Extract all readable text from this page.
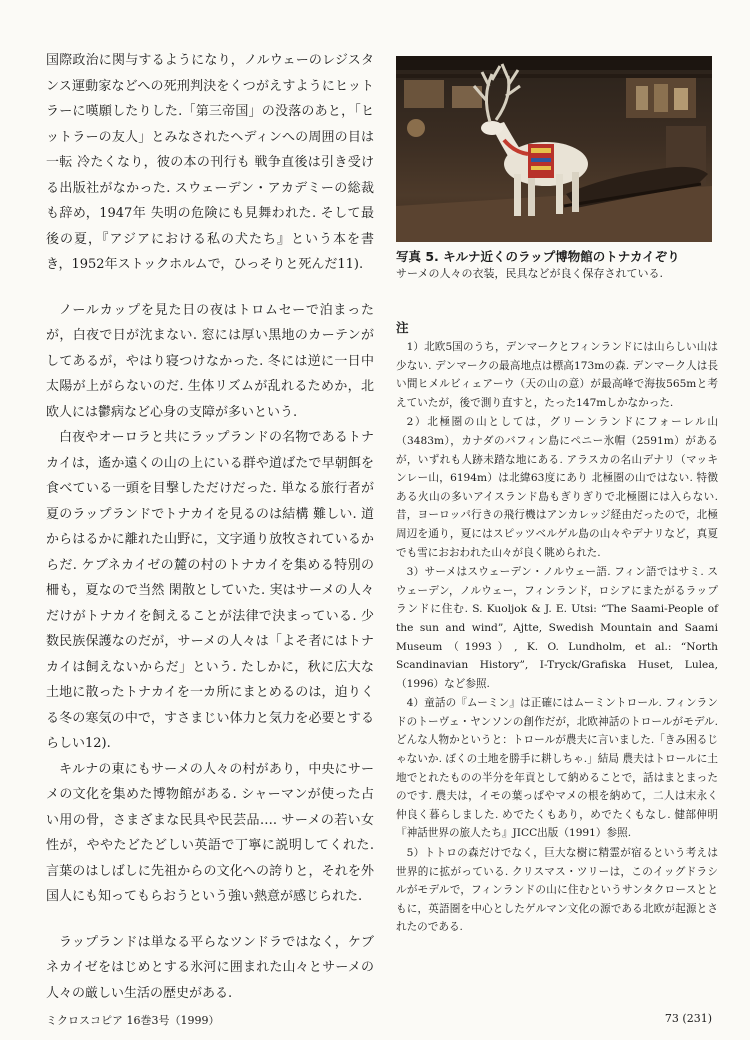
国際政治に関与するようになり，ノルウェーのレジスタンス運動家などへの死刑判決をくつがえすようにヒットラーに嘆願したりした.「第三帝国」の没落のあと，「ヒットラーの友人」とみなされたヘディンへの周囲の目は一転 冷たくなり，彼の本の刊行も 戦争直後は引き受ける出版社がなかった. スウェーデン・アカデミーの総裁も辞め，1947年 失明の危険にも見舞われた. そして最後の夏，『アジアにおける私の犬たち』という本を書き，1952年ストックホルムで，ひっそりと死んだ11).

ノールカップを見た日の夜はトロムセーで泊まったが，白夜で日が沈まない. 窓には厚い黒地のカーテンがしてあるが，やはり寝つけなかった. 冬には逆に一日中 太陽が上がらないのだ. 生体リズムが乱れるためか，北欧人には鬱病など心身の支障が多いという.

白夜やオーロラと共にラップランドの名物であるトナカイは，遙か遠くの山の上にいる群や道ばたで早朝餌を食べている一頭を目撃しただけだった. 単なる旅行者が夏のラップランドでトナカイを見るのは結構 難しい. 道からはるかに離れた山野に，文字通り放牧されているからだ. ケブネカイゼの麓の村のトナカイを集める特別の柵も，夏なので当然 閑散としていた. 実はサーメの人々だけがトナカイを飼えることが法律で決まっている. 少数民族保護なのだが，サーメの人々は「よそ者にはトナカイは飼えないからだ」という. たしかに，秋に広大な土地に散ったトナカイを一カ所にまとめるのは，迫りくる冬の寒気の中で，すさまじい体力と気力を必要とするらしい12).

キルナの東にもサーメの人々の村があり，中央にサーメの文化を集めた博物館がある. シャーマンが使った占い用の骨，さまざまな民具や民芸品…. サーメの若い女性が，ややたどたどしい英語で丁寧に説明してくれた. 言葉のはしばしに先祖からの文化への誇りと，それを外国人にも知ってもらおうという強い熱意が感じられた.

ラップランドは単なる平らなツンドラではなく，ケブネカイゼをはじめとする氷河に囲まれた山々とサーメの人々の厳しい生活の歴史がある.

写真 5. キルナ近くのラップ博物館のトナカイぞり
サーメの人々の衣装，民具などが良く保存されている.
注

1）北欧5国のうち，デンマークとフィンランドには山らしい山は少ない. デンマークの最高地点は標高173mの森. デンマーク人は長い間ヒメルビィェアーウ（天の山の意）が最高峰で海抜565mと考えていたが，後で測り直すと，たった147mしかなかった.

2）北極圏の山としては，グリーンランドにフォーレル山（3483m），カナダのバフィン島にペニー氷帽（2591m）があるが，いずれも人跡未踏な地にある. アラスカの名山デナリ（マッキンレー山，6194m）は北緯63度にあり 北極圏の山ではない. 特徴ある火山の多いアイスランド島もぎりぎりで北極圏には入らない. 昔，ヨーロッパ行きの飛行機はアンカレッジ経由だったので，北極周辺を通り，夏にはスピッツベルゲル島の山々やデナリなど，真夏でも雪におおわれた山々が良く眺められた.

3）サーメはスウェーデン・ノルウェー語. フィン語ではサミ. スウェーデン，ノルウェー，フィンランド，ロシアにまたがるラップランドに住む. S. Kuoljok & J. E. Utsi: “The Saami-People of the sun and wind”, Ajtte, Swedish Mountain and Saami Museum（1993）, K. O. Lundholm, et al.: “North Scandinavian History”, I-Tryck/Grafiska Huset, Lulea,（1996）など参照.

4）童話の『ムーミン』は正確にはムーミントロール. フィンランドのトーヴェ・ヤンソンの創作だが，北欧神話のトロールがモデル. どんな人物かというと：トロールが農夫に言いました.「きみ困るじゃないか. ぼくの土地を勝手に耕しちゃ.」結局 農夫はトロールに土地でとれたものの半分を年貢として納めることで，話はまとまったのです. 農夫は，イモの葉っぱやマメの根を納めて，二人は末永く仲良く暮らしました. めでたくもあり，めでたくもなし. 健部伸明『神話世界の旅人たち』JICC出版（1991）参照.

5）トトロの森だけでなく，巨大な樹に精霊が宿るという考えは世界的に拡がっている. クリスマス・ツリーは，このイッグドラシルがモデルで，フィンランドの山に住むというサンタクロースとともに，英語圏を中心としたゲルマン文化の源である北欧が起源とされたのである.

ミクロスコピア 16巻3号（1999）	73 (231)
